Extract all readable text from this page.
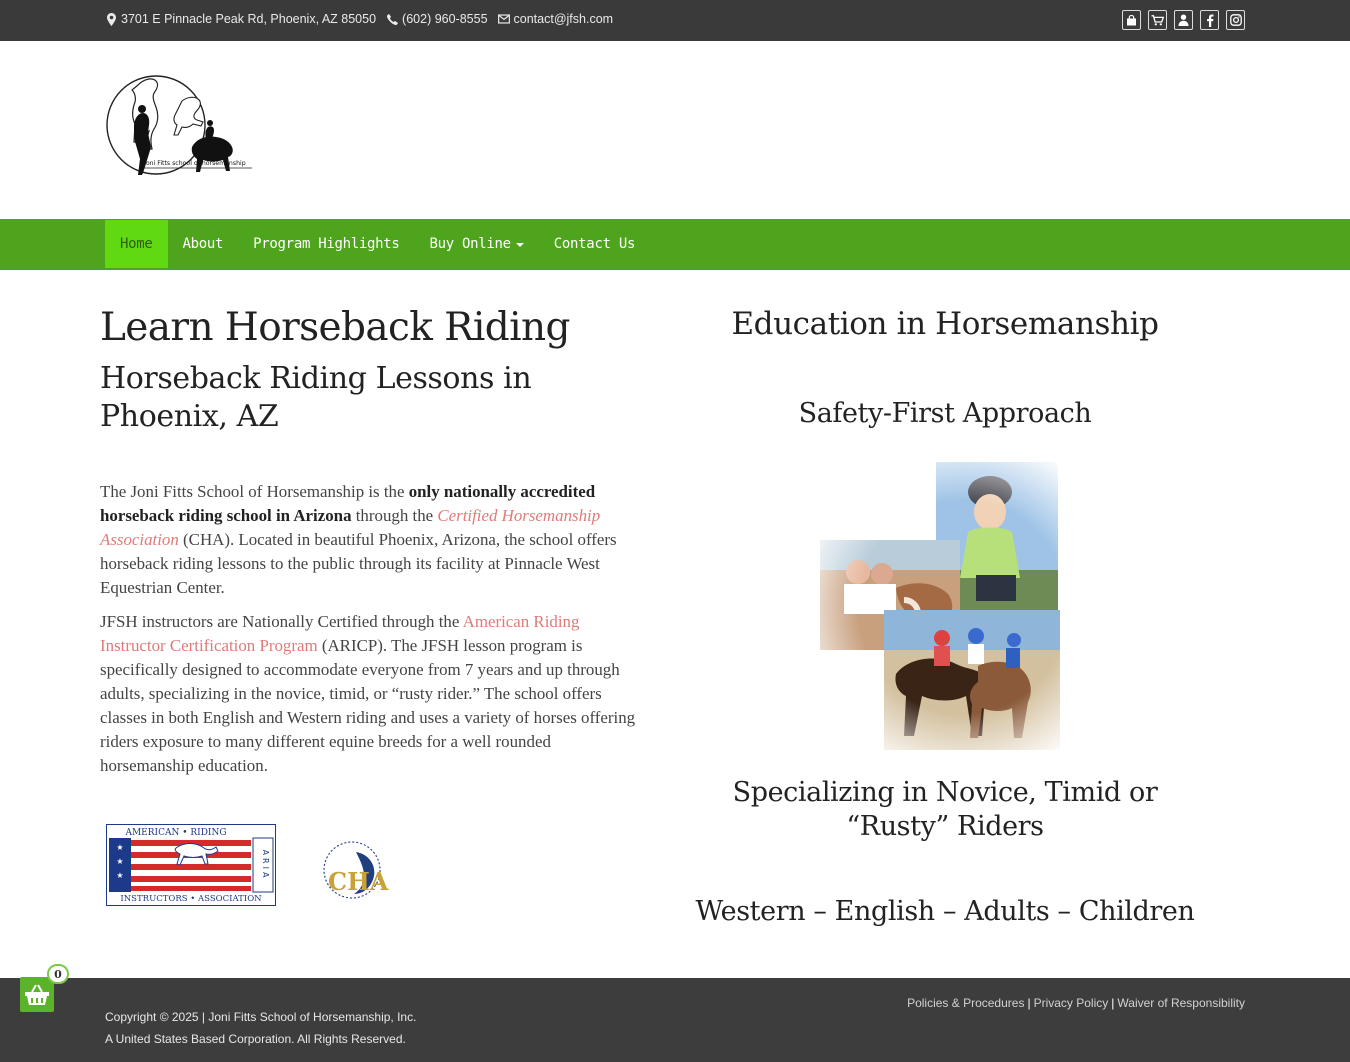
3701 E Pinnacle Peak Rd, Phoenix, AZ 85050 (602) 960-8555 contact@jfsh.com
Joni Fitts school of horsemanship
Home	About	Program Highlights	Buy Online	Contact Us
Learn Horseback Riding
Horseback Riding Lessons in Phoenix, AZ

The Joni Fitts School of Horsemanship is the only nationally accredited horseback riding school in Arizona through the Certified Horsemanship Association (CHA). Located in beautiful Phoenix, Arizona, the school offers horseback riding lessons to the public through its facility at Pinnacle West Equestrian Center.

JFSH instructors are Nationally Certified through the American Riding Instructor Certification Program (ARICP). The JFSH lesson program is specifically designed to accommodate everyone from 7 years and up through adults, specializing in the novice, timid, or “rusty rider.” The school offers classes in both English and Western riding and uses a variety of horses offering riders exposure to many different equine breeds for a well rounded horsemanship education.

AMERICAN • RIDING
★
★
★	ARIA
INSTRUCTORS • ASSOCIATION
CHA
Education in Horsemanship
Safety-First Approach
Specializing in Novice, Timid or “Rusty” Riders
Western – English – Adults – Children
Copyright © 2025 | Joni Fitts School of Horsemanship, Inc.
A United States Based Corporation. All Rights Reserved.
Policies & Procedures | Privacy Policy | Waiver of Responsibility
0
